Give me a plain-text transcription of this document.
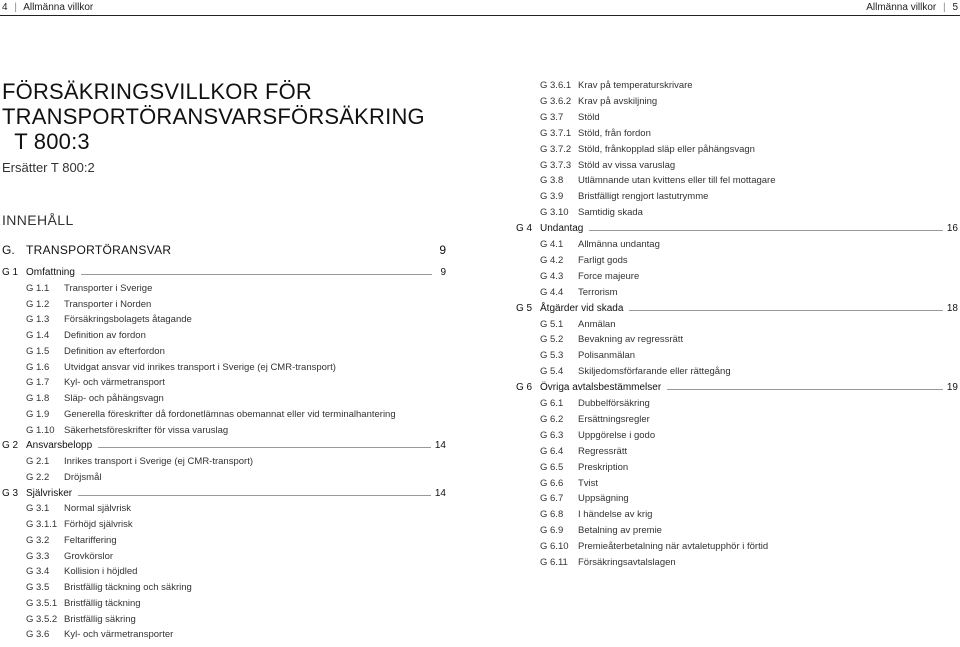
4 | Allmänna villkor	Allmänna villkor | 5
FÖRSÄKRINGSVILLKOR FÖR
TRANSPORTÖRANSVARSFÖRSÄKRING
T 800:3
Ersätter T 800:2
INNEHÅLL
G. TRANSPORTÖRANSVAR	9
G 1 Omfattning	9
G 1.1 Transporter i Sverige
G 1.2 Transporter i Norden
G 1.3 Försäkringsbolagets åtagande
G 1.4 Definition av fordon
G 1.5 Definition av efterfordon
G 1.6 Utvidgat ansvar vid inrikes transport i Sverige (ej CMR-transport)
G 1.7 Kyl- och värmetransport
G 1.8 Släp- och påhängsvagn
G 1.9 Generella föreskrifter då fordonetlämnas obemannat eller vid terminalhantering
G 1.10 Säkerhetsföreskrifter för vissa varuslag
G 2 Ansvarsbelopp	14
G 2.1 Inrikes transport i Sverige (ej CMR-transport)
G 2.2 Dröjsmål
G 3 Självrisker	14
G 3.1 Normal självrisk
G 3.1.1 Förhöjd självrisk
G 3.2 Feltariffering
G 3.3 Grovkörslor
G 3.4 Kollision i höjdled
G 3.5 Bristfällig täckning och säkring
G 3.5.1 Bristfällig täckning
G 3.5.2 Bristfällig säkring
G 3.6 Kyl- och värmetransporter
G 3.6.1 Krav på temperaturskrivare
G 3.6.2 Krav på avskiljning
G 3.7 Stöld
G 3.7.1 Stöld, från fordon
G 3.7.2 Stöld, frånkopplad släp eller påhängsvagn
G 3.7.3 Stöld av vissa varuslag
G 3.8 Utlämnande utan kvittens eller till fel mottagare
G 3.9 Bristfälligt rengjort lastutrymme
G 3.10 Samtidig skada
G 4 Undantag	16
G 4.1 Allmänna undantag
G 4.2 Farligt gods
G 4.3 Force majeure
G 4.4 Terrorism
G 5 Åtgärder vid skada	18
G 5.1 Anmälan
G 5.2 Bevakning av regressrätt
G 5.3 Polisanmälan
G 5.4 Skiljedomsförfarande eller rättegång
G 6 Övriga avtalsbestämmelser	19
G 6.1 Dubbelförsäkring
G 6.2 Ersättningsregler
G 6.3 Uppgörelse i godo
G 6.4 Regressrätt
G 6.5 Preskription
G 6.6 Tvist
G 6.7 Uppsägning
G 6.8 I händelse av krig
G 6.9 Betalning av premie
G 6.10 Premieåterbetalning när avtaletupphör i förtid
G 6.11 Försäkringsavtalslagen
